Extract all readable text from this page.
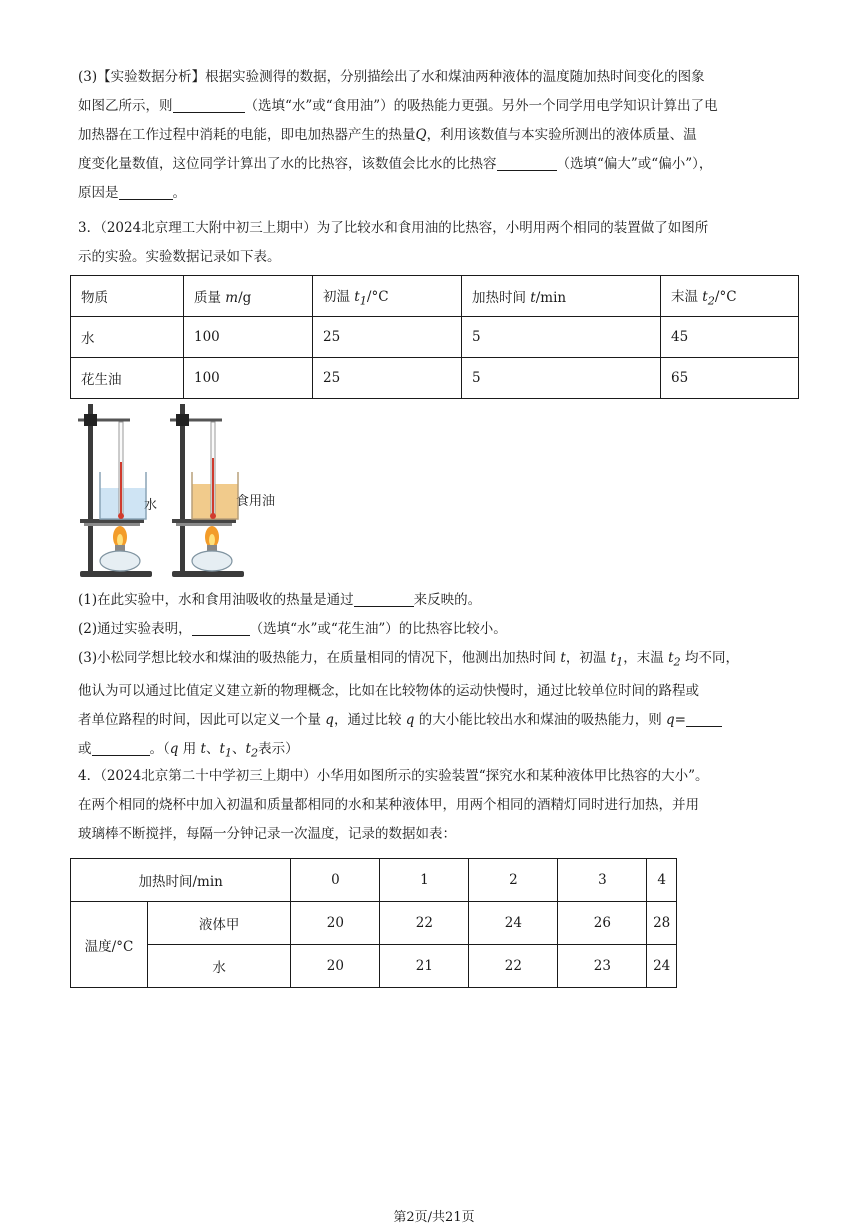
(3)【实验数据分析】根据实验测得的数据，分别描绘出了水和煤油两种液体的温度随加热时间变化的图象
如图乙所示，则	（选填“水”或“食用油”）的吸热能力更强。另外一个同学用电学知识计算出了电
加热器在工作过程中消耗的电能，即电加热器产生的热量Q，利用该数值与本实验所测出的液体质量、温
度变化量数值，这位同学计算出了水的比热容，该数值会比水的比热容	（选填“偏大”或“偏小”），
原因是	。
3．（2024北京理工大附中初三上期中）为了比较水和食用油的比热容，小明用两个相同的装置做了如图所
示的实验。实验数据记录如下表。
物质	质量 m/g	初温 $t_1/^\circ C$	加热时间 t/min	末温 $t_2/^\circ C$
水	100	25	5	45
花生油	100	25	5	65
水	食用油
(1)在此实验中，水和食用油吸收的热量是通过	来反映的。
(2)通过实验表明，	（选填“水”或“花生油”）的比热容比较小。
(3)小松同学想比较水和煤油的吸热能力，在质量相同的情况下，他测出加热时间 t，初温 $t_1$，末温 $t_2$ 均不同，
他认为可以通过比值定义建立新的物理概念，比如在比较物体的运动快慢时，通过比较单位时间的路程或
者单位路程的时间，因此可以定义一个量 q，通过比较 q 的大小能比较出水和煤油的吸热能力，则 q=
或	。（q 用 t、$t_1$、$t_2$表示）
4．（2024北京第二十中学初三上期中）小华用如图所示的实验装置“探究水和某种液体甲比热容的大小”。
在两个相同的烧杯中加入初温和质量都相同的水和某种液体甲，用两个相同的酒精灯同时进行加热，并用
玻璃棒不断搅拌，每隔一分钟记录一次温度，记录的数据如表：
加热时间/min		0	1	2	3	4
温度/°C	液体甲	20	22	24	26	28
	水	20	21	22	23	24
第2页/共21页
